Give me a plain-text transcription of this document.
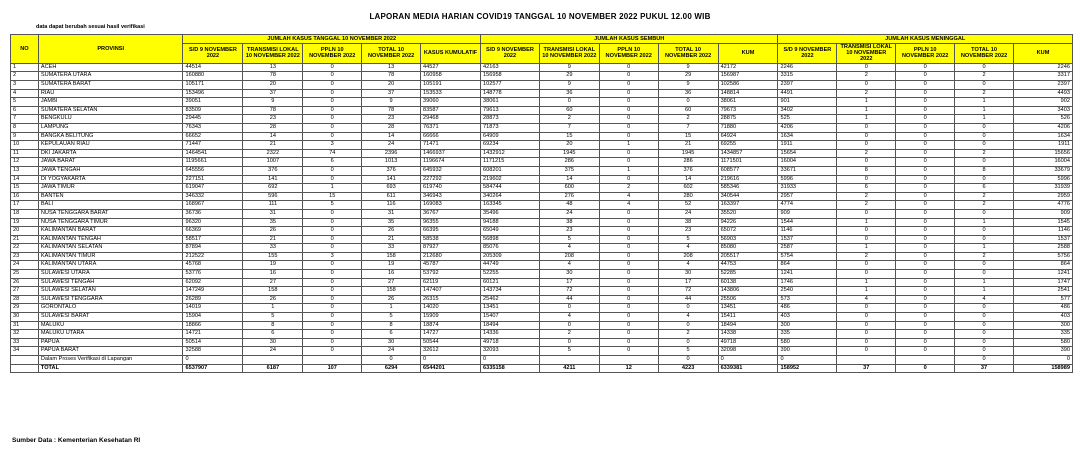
LAPORAN MEDIA HARIAN COVID19 TANGGAL 10 NOVEMBER 2022 PUKUL 12.00 WIB
data dapat berubah sesuai hasil verifikasi
NO	PROVINSI	JUMLAH KASUS TANGGAL 10 NOVEMBER 2022					JUMLAH KASUS SEMBUH					JUMLAH KASUS MENINGGAL				
		S/D 9 NOVEMBER 2022	TRANSMISI LOKAL 10 NOVEMBER 2022	PPLN 10 NOVEMBER 2022	TOTAL 10 NOVEMBER 2022	KASUS KUMULATIF	S/D 9 NOVEMBER 2022	TRANSMISI LOKAL 10 NOVEMBER 2022	PPLN 10 NOVEMBER 2022	TOTAL 10 NOVEMBER 2022	KUM	S/D 9 NOVEMBER 2022	TRANSMISI LOKAL 10 NOVEMBER 2022	PPLN 10 NOVEMBER 2022	TOTAL 10 NOVEMBER 2022	KUM
1	ACEH	44514	13	0	13	44527	42163	9	0	9	42172	2246	0	0	0	2246
2	SUMATERA UTARA	160880	78	0	78	160958	156958	29	0	29	156987	3315	2	0	2	3317
3	SUMATERA BARAT	105171	20	0	20	105191	102577	9	0	9	102586	2397	0	0	0	2397
4	RIAU	153496	37	0	37	153533	148778	36	0	36	148814	4491	2	0	2	4493
5	JAMBI	39051	9	0	9	39060	38061	0	0	0	38061	901	1	0	1	902
6	SUMATERA SELATAN	83509	78	0	78	83587	79613	60	0	60	79673	3402	1	0	1	3403
7	BENGKULU	29445	23	0	23	29468	28873	2	0	2	28875	525	1	0	1	526
8	LAMPUNG	76343	28	0	28	76371	71873	7	0	7	71880	4206	0	0	0	4206
9	BANGKA BELITUNG	66652	14	0	14	66666	64909	15	0	15	64924	1634	0	0	0	1634
10	KEPULAUAN RIAU	71447	21	3	24	71471	69234	20	1	21	69255	1911	0	0	0	1911
11	DKI JAKARTA	1464541	2322	74	2396	1466937	1432912	1945	0	1945	1434857	15654	2	0	2	15656
12	JAWA BARAT	1195661	1007	6	1013	1196674	1171215	286	0	286	1171501	16004	0	0	0	16004
13	JAWA TENGAH	645556	376	0	376	645932	608201	375	1	376	608577	33671	8	0	8	33679
14	DI YOGYAKARTA	227151	141	0	141	227292	219602	14	0	14	219616	5996	0	0	0	5996
15	JAWA TIMUR	619047	692	1	693	619740	584744	600	2	602	585346	31933	6	0	6	31939
16	BANTEN	346332	596	15	611	346943	340264	276	4	280	340544	2957	2	0	2	2959
17	BALI	168967	111	5	116	169083	163345	48	4	52	163397	4774	2	0	2	4776
18	NUSA TENGGARA BARAT	36736	31	0	31	36767	35496	24	0	24	35520	909	0	0	0	909
19	NUSA TENGGARA TIMUR	96320	35	0	35	96355	94188	38	0	38	94226	1544	1	0	1	1545
20	KALIMANTAN BARAT	66369	26	0	26	66395	65049	23	0	23	65072	1146	0	0	0	1146
21	KALIMANTAN TENGAH	58517	21	0	21	58538	56898	5	0	5	56903	1537	0	0	0	1537
22	KALIMANTAN SELATAN	87894	33	0	33	87927	85076	4	0	4	85080	2587	1	0	1	2588
23	KALIMANTAN TIMUR	212522	155	3	158	212680	205309	208	0	208	205517	5754	2	0	2	5756
24	KALIMANTAN UTARA	45768	19	0	19	45787	44749	4	0	4	44753	864	0	0	0	864
25	SULAWESI UTARA	53776	16	0	16	53792	52255	30	0	30	52285	1241	0	0	0	1241
26	SULAWESI TENGAH	62092	27	0	27	62119	60121	17	0	17	60138	1746	1	0	1	1747
27	SULAWESI SELATAN	147249	158	0	158	147407	143734	72	0	72	143806	2540	1	0	1	2541
28	SULAWESI TENGGARA	26289	26	0	26	26315	25462	44	0	44	25506	573	4	0	4	577
29	GORONTALO	14019	1	0	1	14020	13451	0	0	0	13451	486	0	0	0	486
30	SULAWESI BARAT	15904	5	0	5	15909	15407	4	0	4	15411	403	0	0	0	403
31	MALUKU	18866	8	0	8	18874	18494	0	0	0	18494	300	0	0	0	300
32	MALUKU UTARA	14721	6	0	6	14727	14336	2	0	2	14338	335	0	0	0	335
33	PAPUA	50514	30	0	30	50544	49718	0	0	0	49718	580	0	0	0	580
34	PAPUA BARAT	32588	24	0	24	32612	32093	5	0	5	32098	390	0	0	0	390
	Dalam Proses Verifikasi di Lapangan	0			0	0	0			0	0	0			0	0
	TOTAL	6537907	6187	107	6294	6544201	6335158	4211	12	4223	6339381	158952	37	0	37	158989
Sumber Data : Kementerian Kesehatan RI
